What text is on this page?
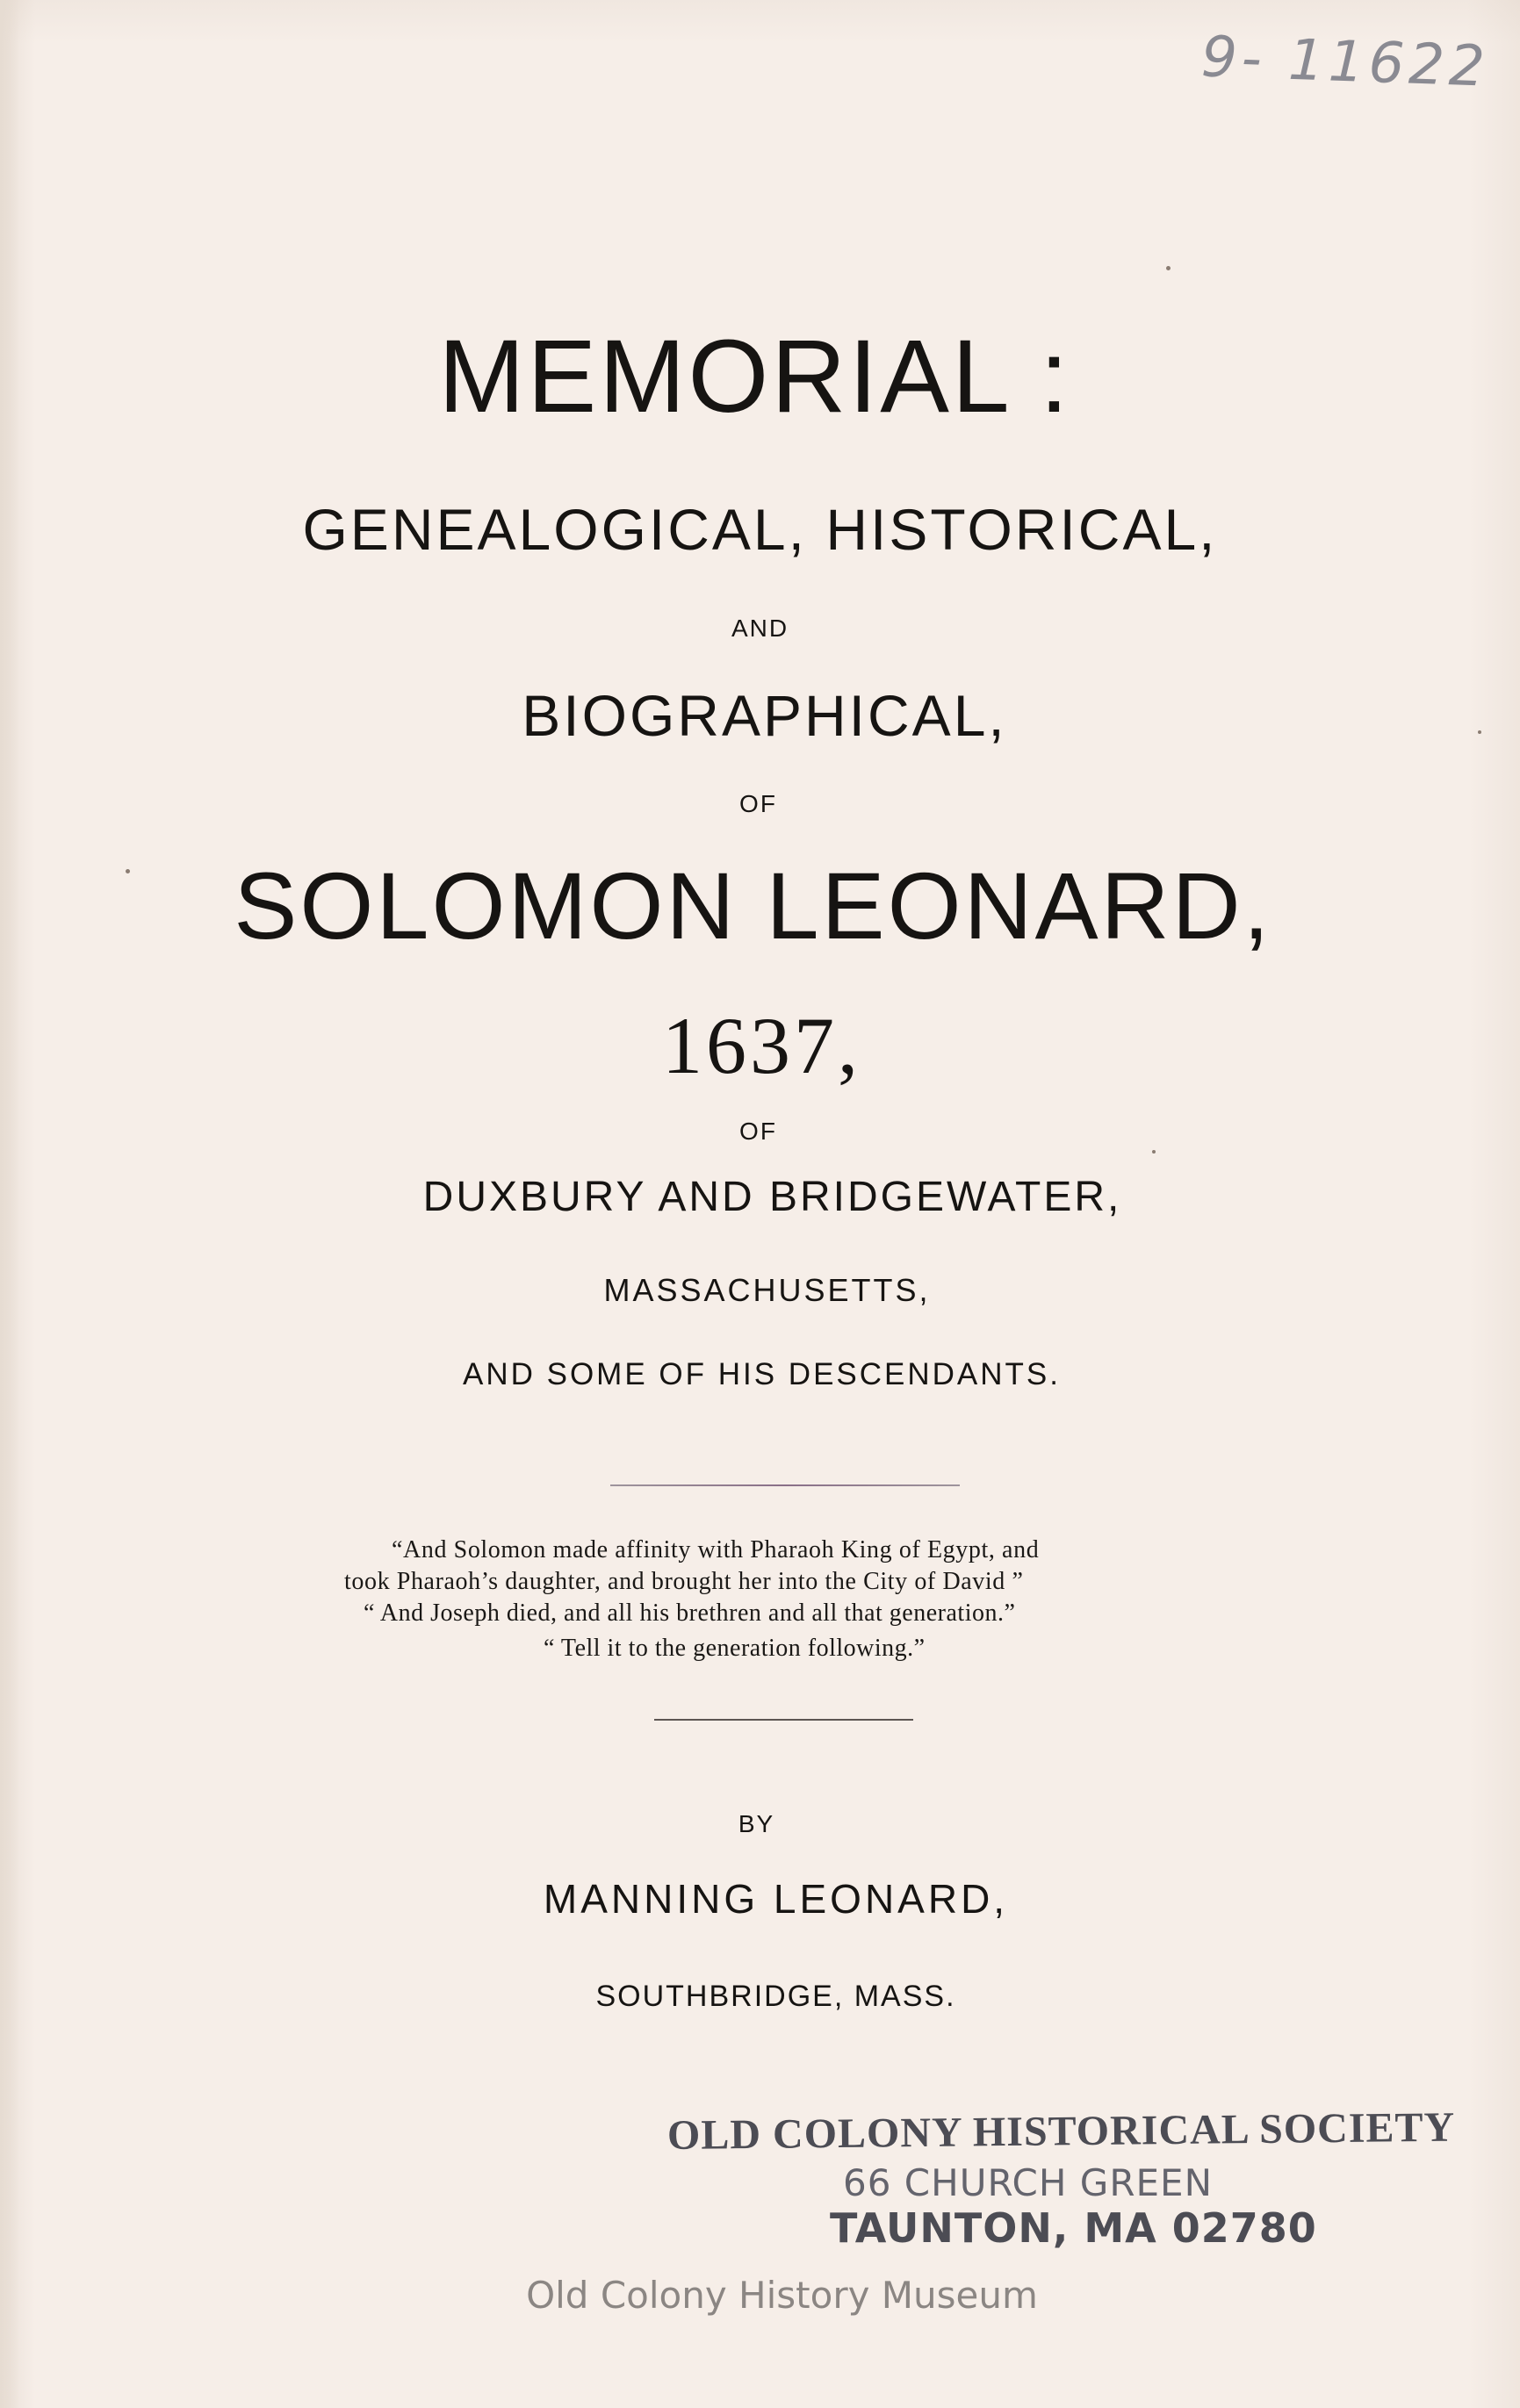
9- 11622
MEMORIAL :
GENEALOGICAL, HISTORICAL,
AND
BIOGRAPHICAL,
OF
SOLOMON LEONARD,
1637,
OF
DUXBURY AND BRIDGEWATER,
MASSACHUSETTS,
AND SOME OF HIS DESCENDANTS.
“And Solomon made affinity with Pharaoh King of Egypt, and
took Pharaoh’s daughter, and brought her into the City of David ”
“ And Joseph died, and all his brethren and all that generation.”
“ Tell it to the generation following.”
BY
MANNING LEONARD,
SOUTHBRIDGE, MASS.
OLD COLONY HISTORICAL SOCIETY
66 CHURCH GREEN
TAUNTON, MA 02780
Old Colony History Museum
